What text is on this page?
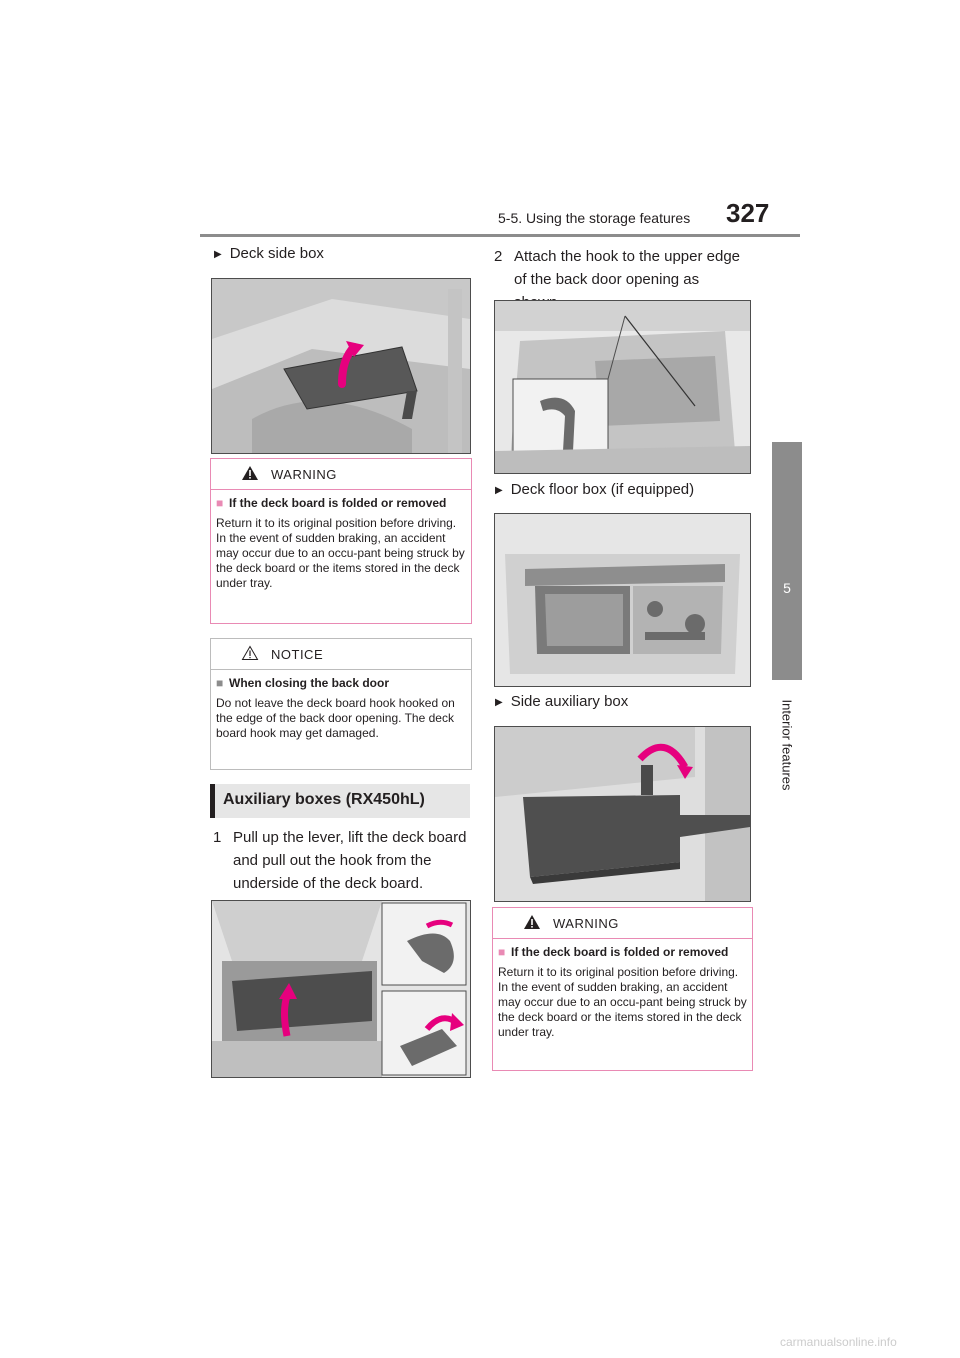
5-5. Using the storage features 327
5
Interior features
▶ Deck side box
WARNING
■ If the deck board is folded or removed

Return it to its original position before driving. In the event of sudden braking, an accident may occur due to an occu-pant being struck by the deck board or the items stored in the deck under tray.

NOTICE
■ When closing the back door

Do not leave the deck board hook hooked on the edge of the back door opening. The deck board hook may get damaged.

Auxiliary boxes (RX450hL)
1 Pull up the lever, lift the deck board and pull out the hook from the underside of the deck board.
2 Attach the hook to the upper edge of the back door opening as
▶ Deck floor box (if equipped)
▶ Side auxiliary box
WARNING
■ If the deck board is folded or removed

Return it to its original position before driving. In the event of sudden braking, an accident may occur due to an occu-pant being struck by the deck board or the items stored in the deck under tray.

carmanualsonline.info
